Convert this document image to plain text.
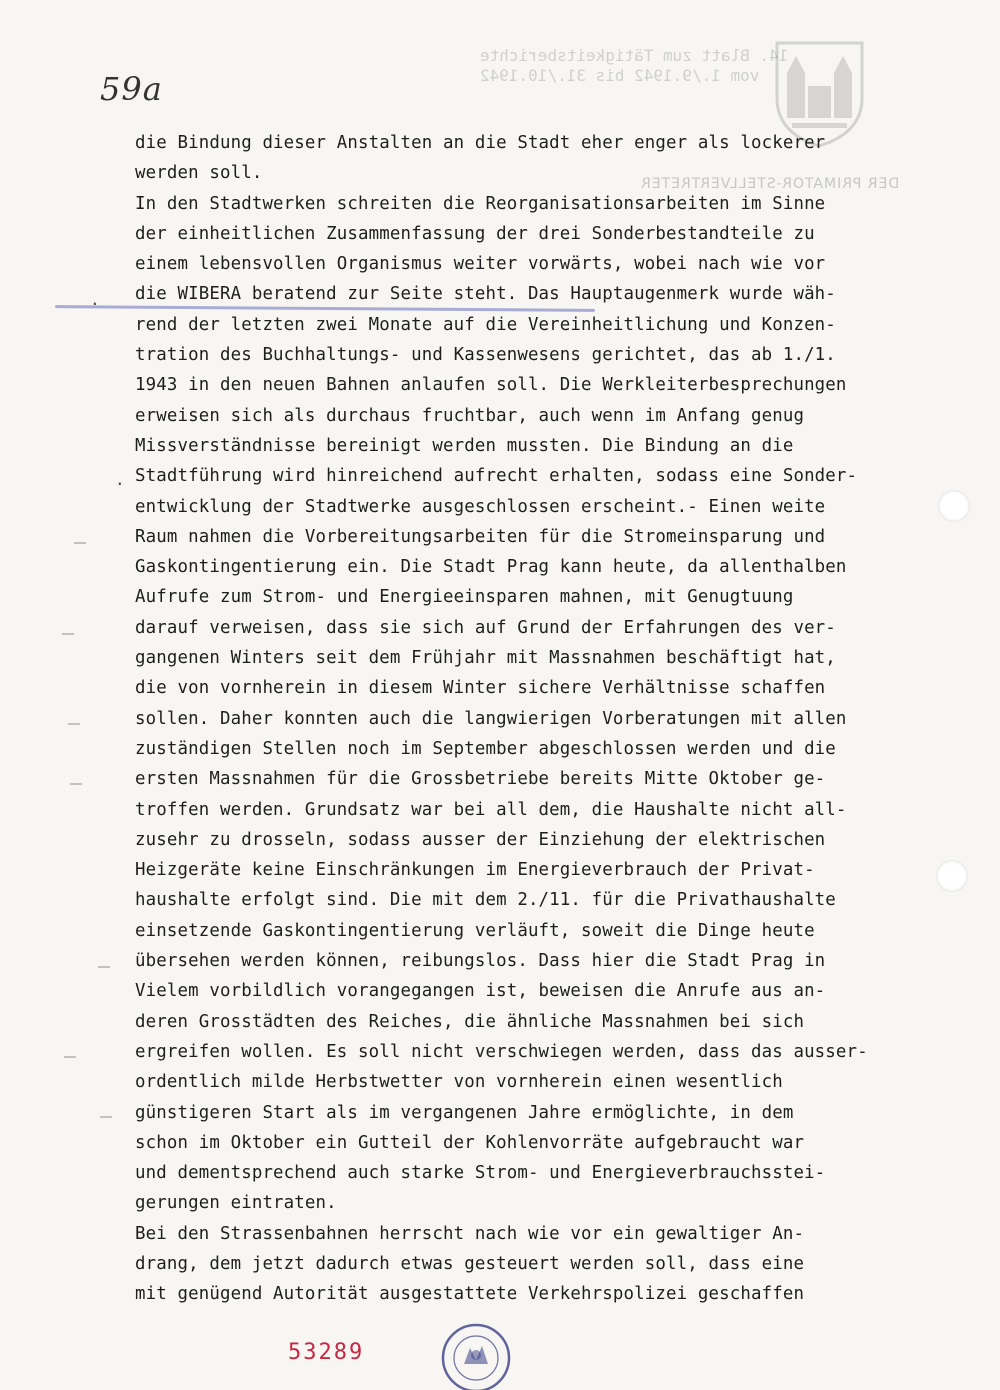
14. Blatt zum Tätigkeitsberichte
vom 1./9.1942 bis 31./10.1942
59a
DER PRIMATOR-STELLVERTRETER
.
.
die Bindung dieser Anstalten an die Stadt eher enger als lockerer
werden soll.
In den Stadtwerken schreiten die Reorganisationsarbeiten im Sinne
der einheitlichen Zusammenfassung der drei Sonderbestandteile zu
einem lebensvollen Organismus weiter vorwärts, wobei nach wie vor
die WIBERA beratend zur Seite steht. Das Hauptaugenmerk wurde wäh-
rend der letzten zwei Monate auf die Vereinheitlichung und Konzen-
tration des Buchhaltungs- und Kassenwesens gerichtet, das ab 1./1.
1943 in den neuen Bahnen anlaufen soll. Die Werkleiterbesprechungen
erweisen sich als durchaus fruchtbar, auch wenn im Anfang genug
Missverständnisse bereinigt werden mussten. Die Bindung an die
Stadtführung wird hinreichend aufrecht erhalten, sodass eine Sonder-
entwicklung der Stadtwerke ausgeschlossen erscheint.- Einen weite
Raum nahmen die Vorbereitungsarbeiten für die Stromeinsparung und
Gaskontingentierung ein. Die Stadt Prag kann heute, da allenthalben
Aufrufe zum Strom- und Energieeinsparen mahnen, mit Genugtuung
darauf verweisen, dass sie sich auf Grund der Erfahrungen des ver-
gangenen Winters seit dem Frühjahr mit Massnahmen beschäftigt hat,
die von vornherein in diesem Winter sichere Verhältnisse schaffen
sollen. Daher konnten auch die langwierigen Vorberatungen mit allen
zuständigen Stellen noch im September abgeschlossen werden und die
ersten Massnahmen für die Grossbetriebe bereits Mitte Oktober ge-
troffen werden. Grundsatz war bei all dem, die Haushalte nicht all-
zusehr zu drosseln, sodass ausser der Einziehung der elektrischen
Heizgeräte keine Einschränkungen im Energieverbrauch der Privat-
haushalte erfolgt sind. Die mit dem 2./11. für die Privathaushalte
einsetzende Gaskontingentierung verläuft, soweit die Dinge heute
übersehen werden können, reibungslos. Dass hier die Stadt Prag in
Vielem vorbildlich vorangegangen ist, beweisen die Anrufe aus an-
deren Grosstädten des Reiches, die ähnliche Massnahmen bei sich
ergreifen wollen. Es soll nicht verschwiegen werden, dass das ausser-
ordentlich milde Herbstwetter von vornherein einen wesentlich
günstigeren Start als im vergangenen Jahre ermöglichte, in dem
schon im Oktober ein Gutteil der Kohlenvorräte aufgebraucht war
und dementsprechend auch starke Strom- und Energieverbrauchsstei-
gerungen eintraten.
Bei den Strassenbahnen herrscht nach wie vor ein gewaltiger An-
drang, dem jetzt dadurch etwas gesteuert werden soll, dass eine
mit genügend Autorität ausgestattete Verkehrspolizei geschaffen
53289
